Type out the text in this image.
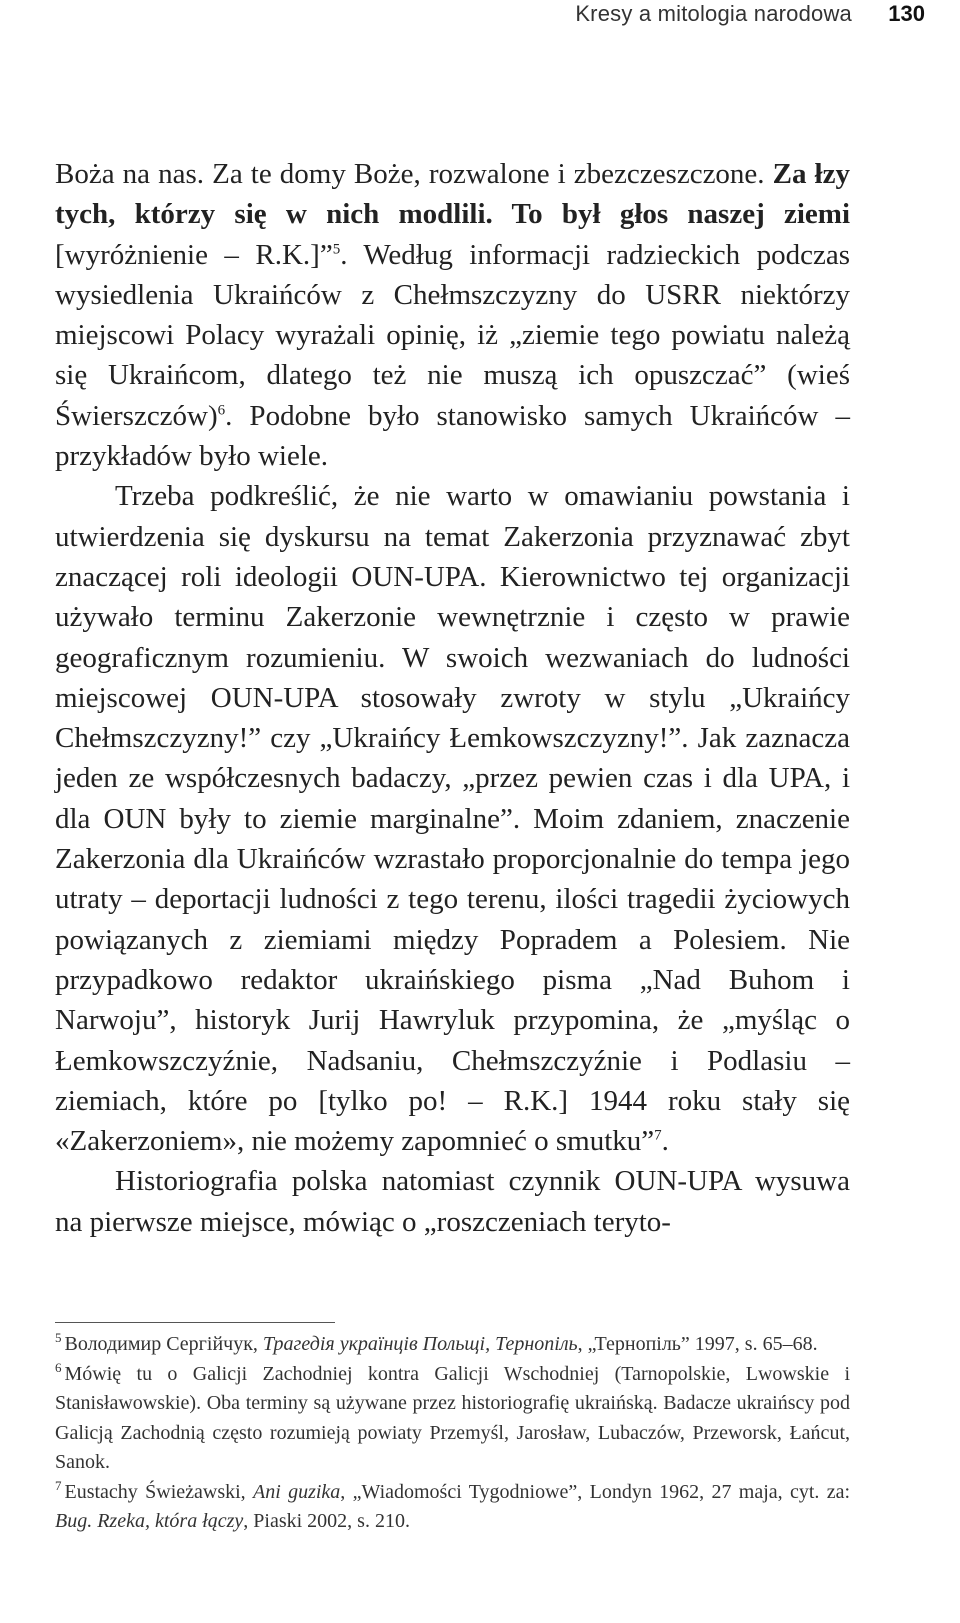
Kresy a mitologia narodowa 130

Boża na nas. Za te domy Boże, rozwalone i zbezczeszczone. Za łzy tych, którzy się w nich modlili. To był głos naszej ziemi [wyróżnienie – R.K.]”$^5$. Według informacji radzieckich podczas wysiedlenia Ukraińców z Chełmszczyzny do USRR niektórzy miejscowi Polacy wyrażali opinię, iż „ziemie tego powiatu należą się Ukraińcom, dlatego też nie muszą ich opuszczać” (wieś Świerszczów)$^6$. Podobne było stanowisko samych Ukraińców – przykładów było wiele.

Trzeba podkreślić, że nie warto w omawianiu powstania i utwierdzenia się dyskursu na temat Zakerzonia przyznawać zbyt znaczącej roli ideologii OUN-UPA. Kierownictwo tej organizacji używało terminu Zakerzonie wewnętrznie i często w prawie geograficznym rozumieniu. W swoich wezwaniach do ludności miejscowej OUN-UPA stosowały zwroty w stylu „Ukraińcy Chełmszczyzny!” czy „Ukraińcy Łemkowszczyzny!”. Jak zaznacza jeden ze współczesnych badaczy, „przez pewien czas i dla UPA, i dla OUN były to ziemie marginalne”. Moim zdaniem, znaczenie Zakerzonia dla Ukraińców wzrastało proporcjonalnie do tempa jego utraty – deportacji ludności z tego terenu, ilości tragedii życiowych powiązanych z ziemiami między Popradem a Polesiem. Nie przypadkowo redaktor ukraińskiego pisma „Nad Buhom i Narwoju”, historyk Jurij Hawryluk przypomina, że „myśląc o Łemkowszczyźnie, Nadsaniu, Chełmszczyźnie i Podlasiu – ziemiach, które po [tylko po! – R.K.] 1944 roku stały się «Zakerzoniem», nie możemy zapomnieć o smutku”$^7$.

Historiografia polska natomiast czynnik OUN-UPA wysuwa na pierwsze miejsce, mówiąc o „roszczeniach teryto-

$^5$ Володимир Сергійчук, Трагедія українців Польщі, Тернопіль, „Тернопіль” 1997, s. 65–68.

$^6$ Mówię tu o Galicji Zachodniej kontra Galicji Wschodniej (Tarnopolskie, Lwowskie i Stanisławowskie). Oba terminy są używane przez historiografię ukraińską. Badacze ukraińscy pod Galicją Zachodnią często rozumieją powiaty Przemyśl, Jarosław, Lubaczów, Przeworsk, Łańcut, Sanok.

$^7$ Eustachy Świeżawski, Ani guzika, „Wiadomości Tygodniowe”, Londyn 1962, 27 maja, cyt. za: Bug. Rzeka, która łączy, Piaski 2002, s. 210.
